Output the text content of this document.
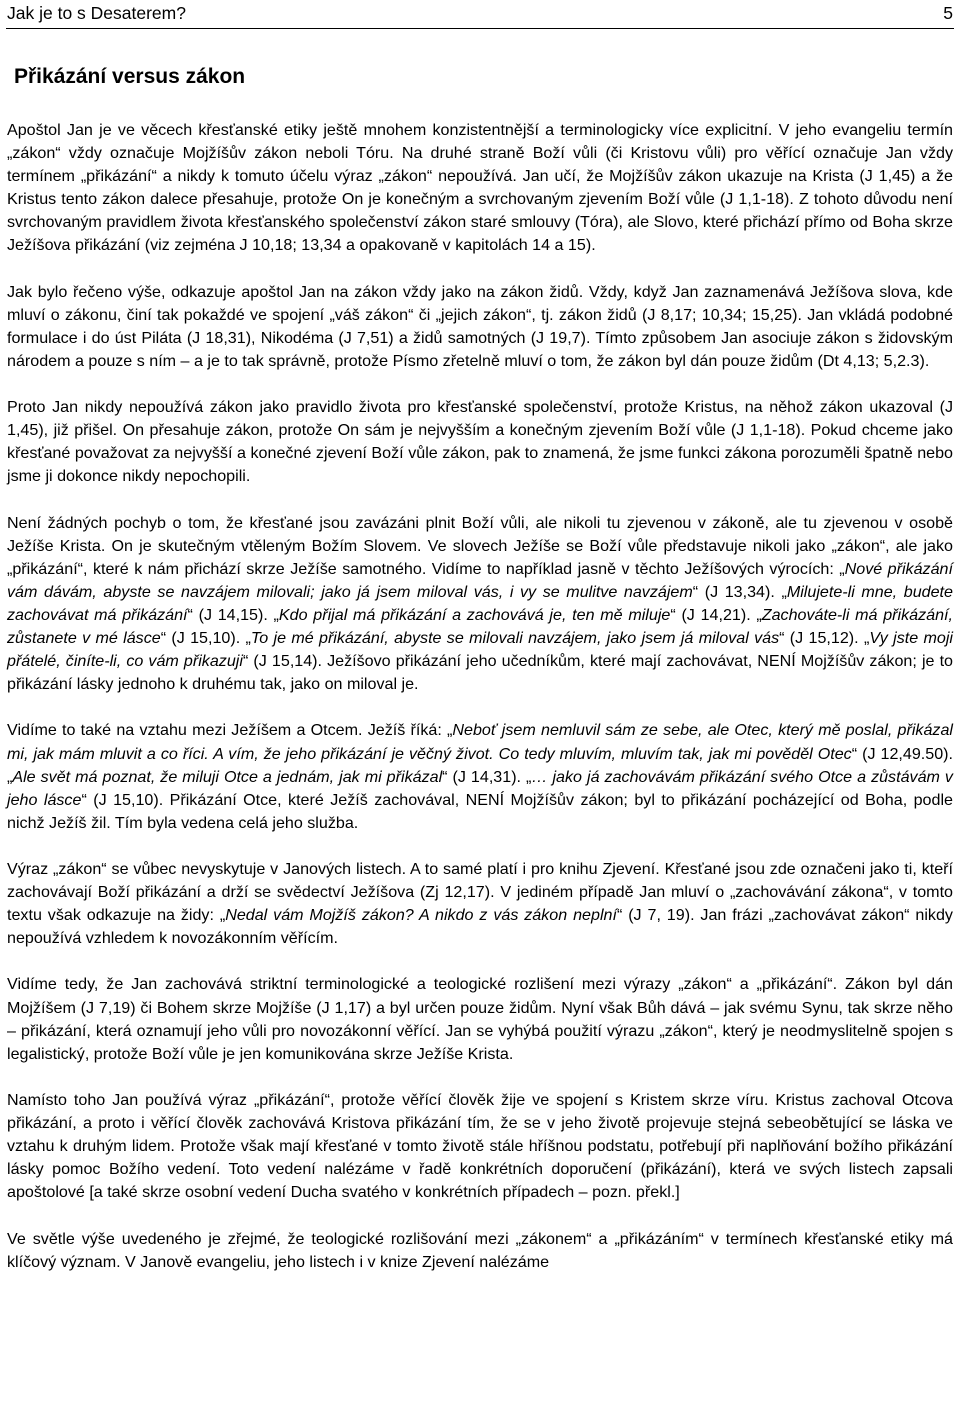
Jak je to s Desaterem?	5
Přikázání versus zákon

Apoštol Jan je ve věcech křesťanské etiky ještě mnohem konzistentnější a terminologicky více explicitní. V jeho evangeliu termín „zákon“ vždy označuje Mojžíšův zákon neboli Tóru. Na druhé straně Boží vůli (či Kristovu vůli) pro věřící označuje Jan vždy termínem „přikázání“ a nikdy k tomuto účelu výraz „zákon“ nepoužívá. Jan učí, že Mojžíšův zákon ukazuje na Krista (J 1,45) a že Kristus tento zákon dalece přesahuje, protože On je konečným a svrchovaným zjevením Boží vůle (J 1,1-18). Z tohoto důvodu není svrchovaným pravidlem života křesťanského společenství zákon staré smlouvy (Tóra), ale Slovo, které přichází přímo od Boha skrze Ježíšova přikázání (viz zejména J 10,18; 13,34 a opakovaně v kapitolách 14 a 15).

Jak bylo řečeno výše, odkazuje apoštol Jan na zákon vždy jako na zákon židů. Vždy, když Jan zaznamenává Ježíšova slova, kde mluví o zákonu, činí tak pokaždé ve spojení „váš zákon“ či „jejich zákon“, tj. zákon židů (J 8,17; 10,34; 15,25). Jan vkládá podobné formulace i do úst Piláta (J 18,31), Nikodéma (J 7,51) a židů samotných (J 19,7). Tímto způsobem Jan asociuje zákon s židovským národem a pouze s ním – a je to tak správně, protože Písmo zřetelně mluví o tom, že zákon byl dán pouze židům (Dt 4,13; 5,2.3).

Proto Jan nikdy nepoužívá zákon jako pravidlo života pro křesťanské společenství, protože Kristus, na něhož zákon ukazoval (J 1,45), již přišel. On přesahuje zákon, protože On sám je nejvyšším a konečným zjevením Boží vůle (J 1,1-18). Pokud chceme jako křesťané považovat za nejvyšší a konečné zjevení Boží vůle zákon, pak to znamená, že jsme funkci zákona porozuměli špatně nebo jsme ji dokonce nikdy nepochopili.

Není žádných pochyb o tom, že křesťané jsou zavázáni plnit Boží vůli, ale nikoli tu zjevenou v zákoně, ale tu zjevenou v osobě Ježíše Krista. On je skutečným vtěleným Božím Slovem. Ve slovech Ježíše se Boží vůle představuje nikoli jako „zákon“, ale jako „přikázání“, které k nám přichází skrze Ježíše samotného. Vidíme to například jasně v těchto Ježíšových výrocích: „Nové přikázání vám dávám, abyste se navzájem milovali; jako já jsem miloval vás, i vy se mulitve navzájem“ (J 13,34). „Milujete-li mne, budete zachovávat má přikázání“ (J 14,15). „Kdo přijal má přikázání a zachovává je, ten mě miluje“ (J 14,21). „Zachováte-li má přikázání, zůstanete v mé lásce“ (J 15,10). „To je mé přikázání, abyste se milovali navzájem, jako jsem já miloval vás“ (J 15,12). „Vy jste moji přátelé, činíte-li, co vám přikazuji“ (J 15,14). Ježíšovo přikázání jeho učedníkům, které mají zachovávat, NENÍ Mojžíšův zákon; je to přikázání lásky jednoho k druhému tak, jako on miloval je.

Vidíme to také na vztahu mezi Ježíšem a Otcem. Ježíš říká: „Neboť jsem nemluvil sám ze sebe, ale Otec, který mě poslal, přikázal mi, jak mám mluvit a co říci. A vím, že jeho přikázání je věčný život. Co tedy mluvím, mluvím tak, jak mi pověděl Otec“ (J 12,49.50). „Ale svět má poznat, že miluji Otce a jednám, jak mi přikázal“ (J 14,31). „… jako já zachovávám přikázání svého Otce a zůstávám v jeho lásce“ (J 15,10). Přikázání Otce, které Ježíš zachovával, NENÍ Mojžíšův zákon; byl to přikázání pocházející od Boha, podle nichž Ježíš žil. Tím byla vedena celá jeho služba.

Výraz „zákon“ se vůbec nevyskytuje v Janových listech. A to samé platí i pro knihu Zjevení. Křesťané jsou zde označeni jako ti, kteří zachovávají Boží přikázání a drží se svědectví Ježíšova (Zj 12,17). V jediném případě Jan mluví o „zachovávání zákona“, v tomto textu však odkazuje na židy: „Nedal vám Mojžíš zákon? A nikdo z vás zákon neplní“ (J 7, 19). Jan frázi „zachovávat zákon“ nikdy nepoužívá vzhledem k novozákonním věřícím.

Vidíme tedy, že Jan zachovává striktní terminologické a teologické rozlišení mezi výrazy „zákon“ a „přikázání“. Zákon byl dán Mojžíšem (J 7,19) či Bohem skrze Mojžíše (J 1,17) a byl určen pouze židům. Nyní však Bůh dává – jak svému Synu, tak skrze něho – přikázání, která oznamují jeho vůli pro novozákonní věřící. Jan se vyhýbá použití výrazu „zákon“, který je neodmyslitelně spojen s legalistický, protože Boží vůle je jen komunikována skrze Ježíše Krista.

Namísto toho Jan používá výraz „přikázání“, protože věřící člověk žije ve spojení s Kristem skrze víru. Kristus zachoval Otcova přikázání, a proto i věřící člověk zachovává Kristova přikázání tím, že se v jeho životě projevuje stejná sebeobětující se láska ve vztahu k druhým lidem. Protože však mají křesťané v tomto životě stále hříšnou podstatu, potřebují při naplňování božího přikázání lásky pomoc Božího vedení. Toto vedení nalézáme v řadě konkrétních doporučení (přikázání), která ve svých listech zapsali apoštolové [a také skrze osobní vedení Ducha svatého v konkrétních případech – pozn. překl.]

Ve světle výše uvedeného je zřejmé, že teologické rozlišování mezi „zákonem“ a „přikázáním“ v termínech křesťanské etiky má klíčový význam. V Janově evangeliu, jeho listech i v knize Zjevení nalézáme
